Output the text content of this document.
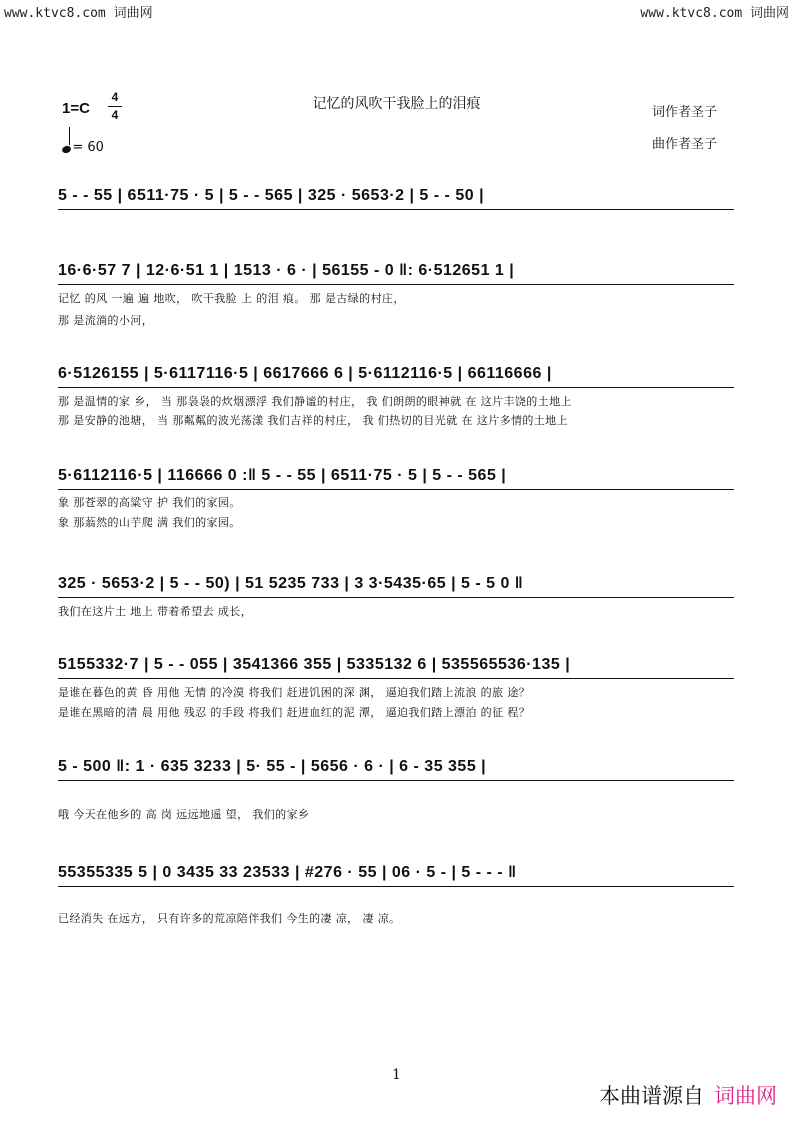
www.ktvc8.com 词曲网	www.ktvc8.com 词曲网
1=C
4
4
= 60
记忆的风吹干我脸上的泪痕
词作者圣子
曲作者圣子
5 - - 55 | 6511·75 · 5 | 5 - - 565 | 325 · 5653·2 | 5 - - 50 |
16·6·57 7 | 12·6·51 1 | 1513 · 6 · | 56155 - 0 ‖: 6·512651 1 |
记忆 的风 一遍 遍 地吹， 吹干我脸 上 的泪 痕。 那 是古绿的村庄，
那 是流淌的小河，
6·5126155 | 5·6117116·5 | 6617666 6 | 5·6112116·5 | 66116666 |
那 是温情的家 乡， 当 那袅袅的炊烟漂浮 我们静谧的村庄， 我 们朗朗的眼神就 在 这片丰饶的土地上
那 是安静的池塘， 当 那粼粼的波光荡漾 我们吉祥的村庄， 我 们热切的目光就 在 这片多情的土地上
5·6112116·5 | 116666 0 :‖ 5 - - 55 | 6511·75 · 5 | 5 - - 565 |
象 那苍翠的高粱守 护 我们的家园。
象 那蓊然的山芋爬 满 我们的家园。
325 · 5653·2 | 5 - - 50) | 51 5235 733 | 3 3·5435·65 | 5 - 5 0 ‖
我们在这片土 地上 带着希望去 成长，
5155332·7 | 5 - - 055 | 3541366 355 | 5335132 6 | 535565536·135 |
是谁在暮色的黄 昏 用他 无情 的冷漠 将我们 赶进饥困的深 渊， 逼迫我们踏上流浪 的旅 途？
是谁在黑暗的清 晨 用他 残忍 的手段 将我们 赶进血红的泥 潭， 逼迫我们踏上漂泊 的征 程？
5 - 500 ‖: 1 · 635 3233 | 5· 55 - | 5656 · 6 · | 6 - 35 355 |
哦 今天在他乡的 高 岗 远远地遥 望， 我们的家乡
55355335 5 | 0 3435 33 23533 | #276 · 55 | 06 · 5 - | 5 - - - ‖
已经消失 在远方， 只有许多的荒凉陪伴我们 今生的凄 凉， 凄 凉。
1
本曲谱源自 词曲网
